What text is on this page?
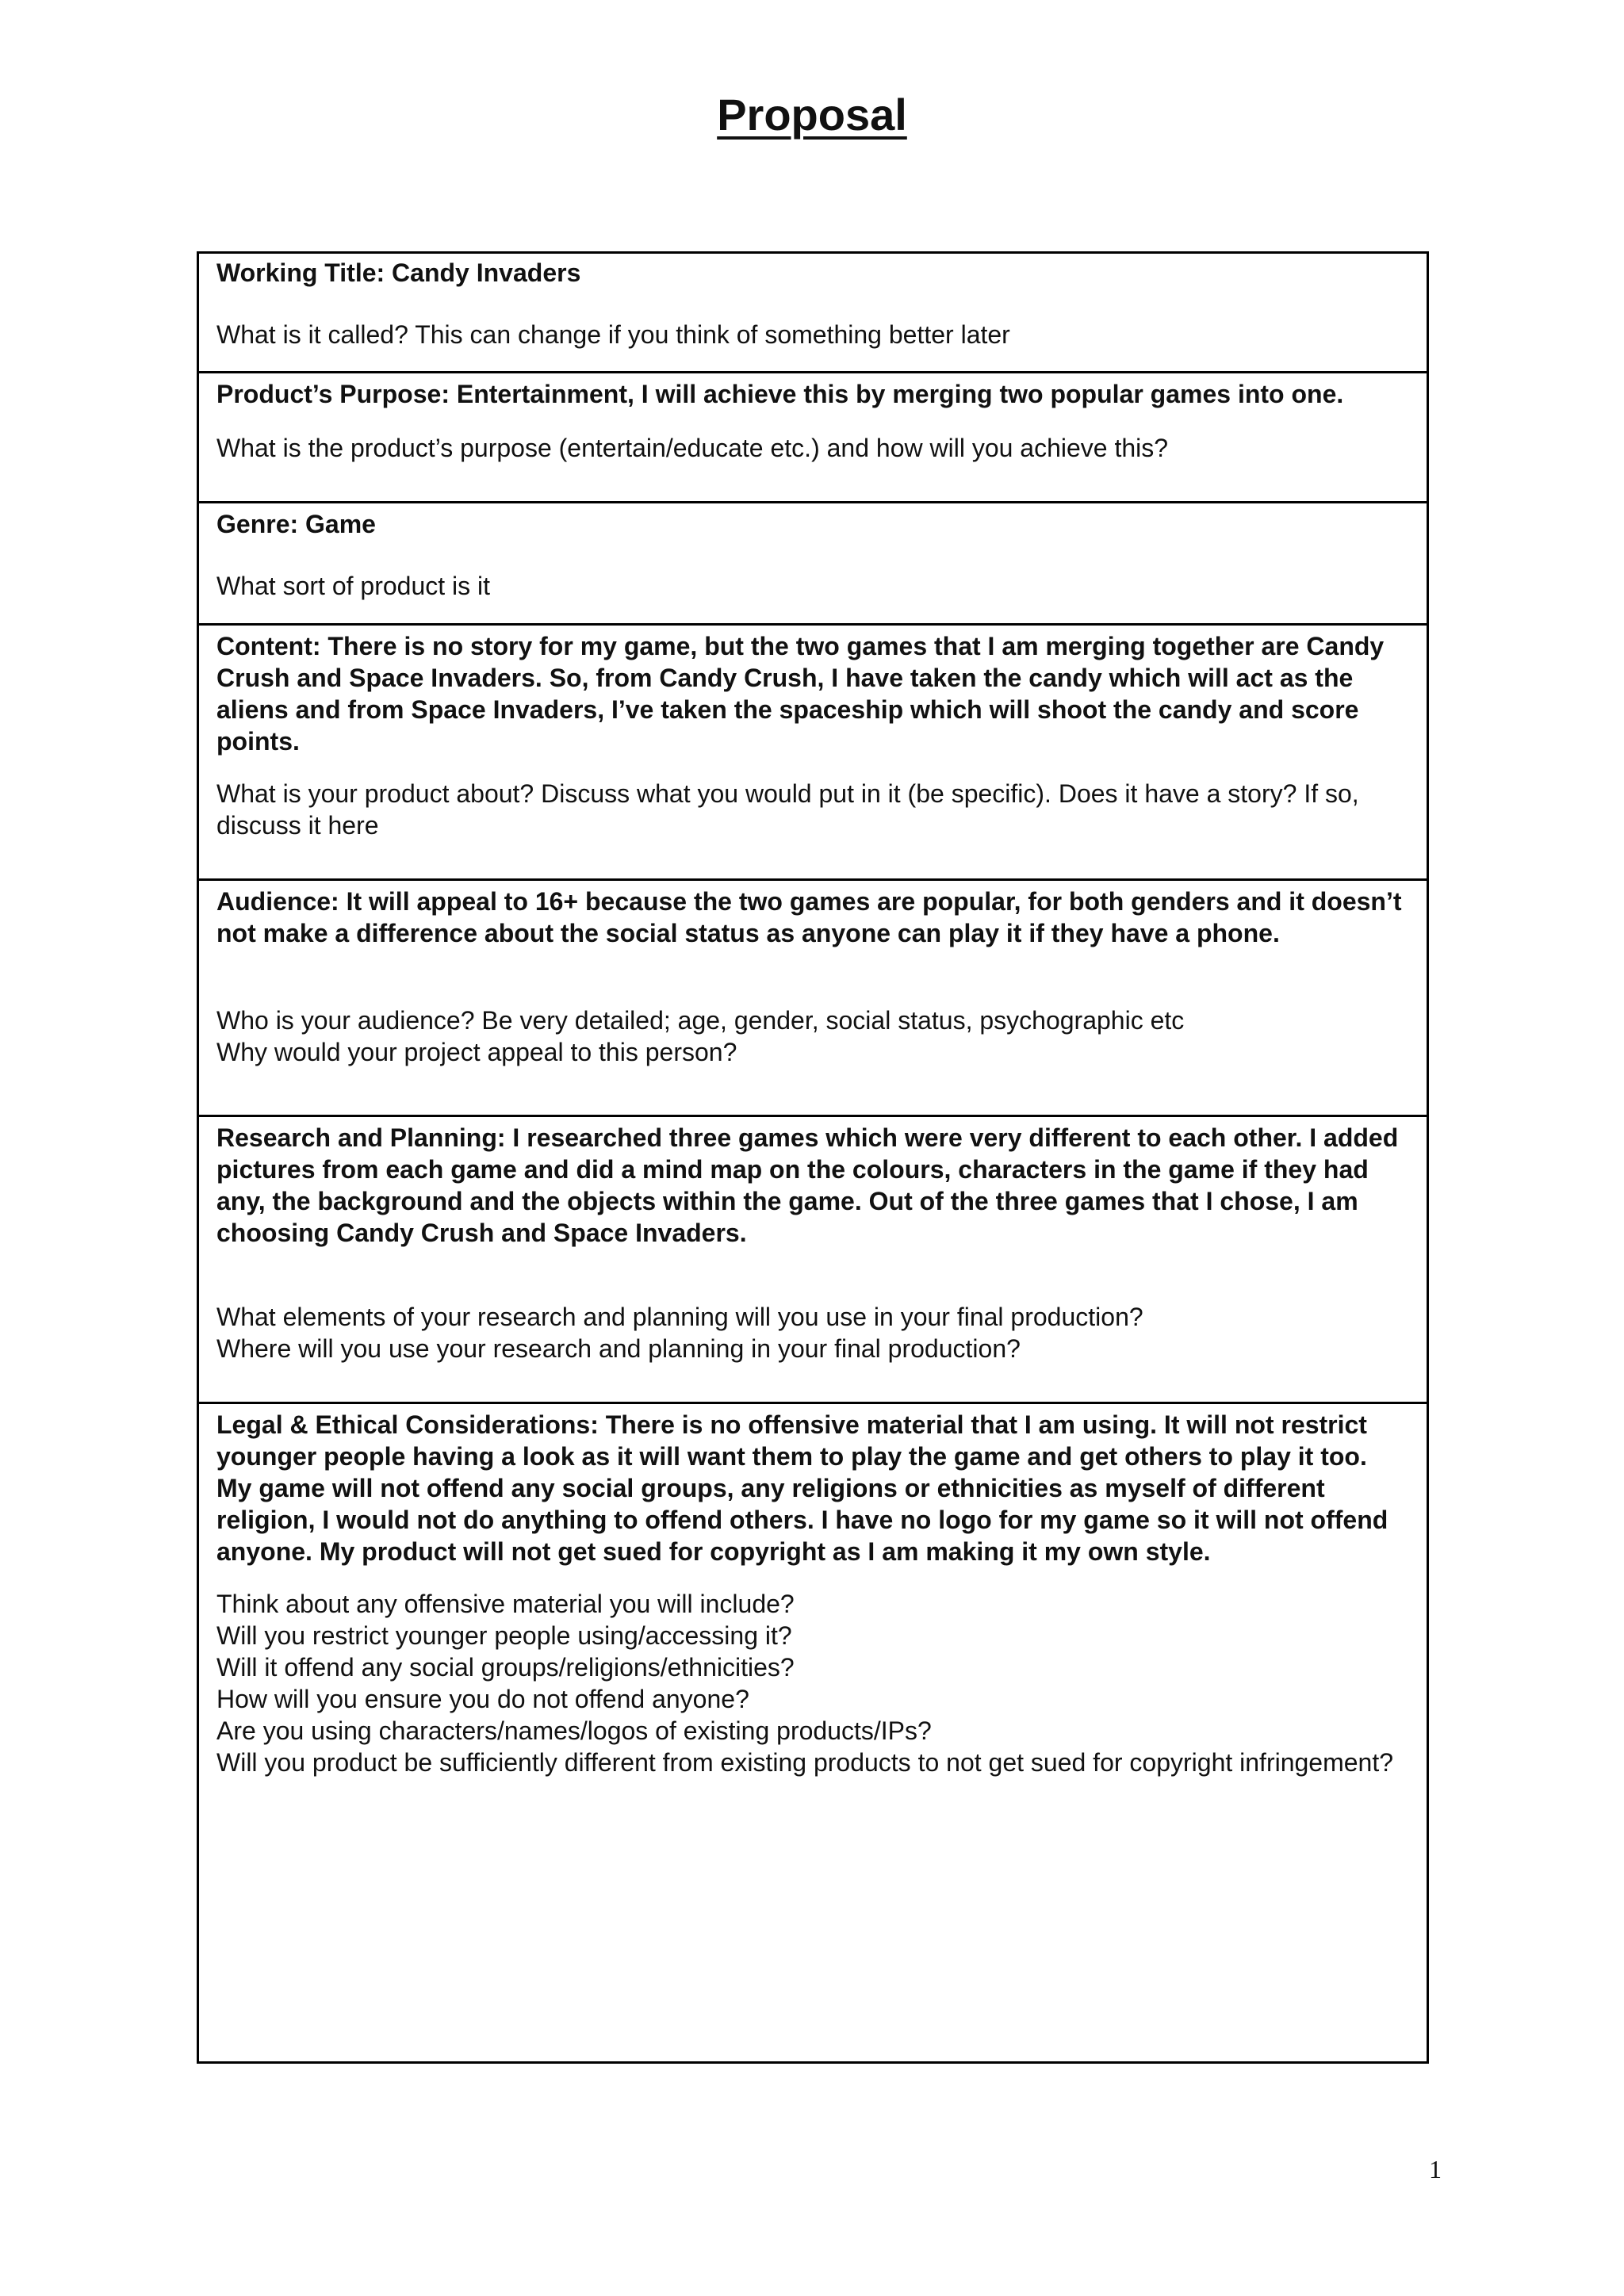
Proposal

Working Title: Candy Invaders

What is it called? This can change if you think of something better later

Product’s Purpose: Entertainment, I will achieve this by merging two popular games into one.

What is the product’s purpose (entertain/educate etc.) and how will you achieve this?

Genre: Game

What sort of product is it

Content: There is no story for my game, but the two games that I am merging together are Candy Crush and Space Invaders. So, from Candy Crush, I have taken the candy which will act as the aliens and from Space Invaders, I’ve taken the spaceship which will shoot the candy and score points.

What is your product about? Discuss what you would put in it (be specific). Does it have a story? If so, discuss it here

Audience: It will appeal to 16+ because the two games are popular, for both genders and it doesn’t not make a difference about the social status as anyone can play it if they have a phone.

Who is your audience? Be very detailed; age, gender, social status, psychographic etc
Why would your project appeal to this person?

Research and Planning: I researched three games which were very different to each other. I added pictures from each game and did a mind map on the colours, characters in the game if they had any, the background and the objects within the game. Out of the three games that I chose, I am choosing Candy Crush and Space Invaders.

What elements of your research and planning will you use in your final production?
Where will you use your research and planning in your final production?

Legal & Ethical Considerations: There is no offensive material that I am using. It will not restrict younger people having a look as it will want them to play the game and get others to play it too. My game will not offend any social groups, any religions or ethnicities as myself of different religion, I would not do anything to offend others. I have no logo for my game so it will not offend anyone. My product will not get sued for copyright as I am making it my own style.

Think about any offensive material you will include?
Will you restrict younger people using/accessing it?
Will it offend any social groups/religions/ethnicities?
How will you ensure you do not offend anyone?
Are you using characters/names/logos of existing products/IPs?
Will you product be sufficiently different from existing products to not get sued for copyright infringement?

1
